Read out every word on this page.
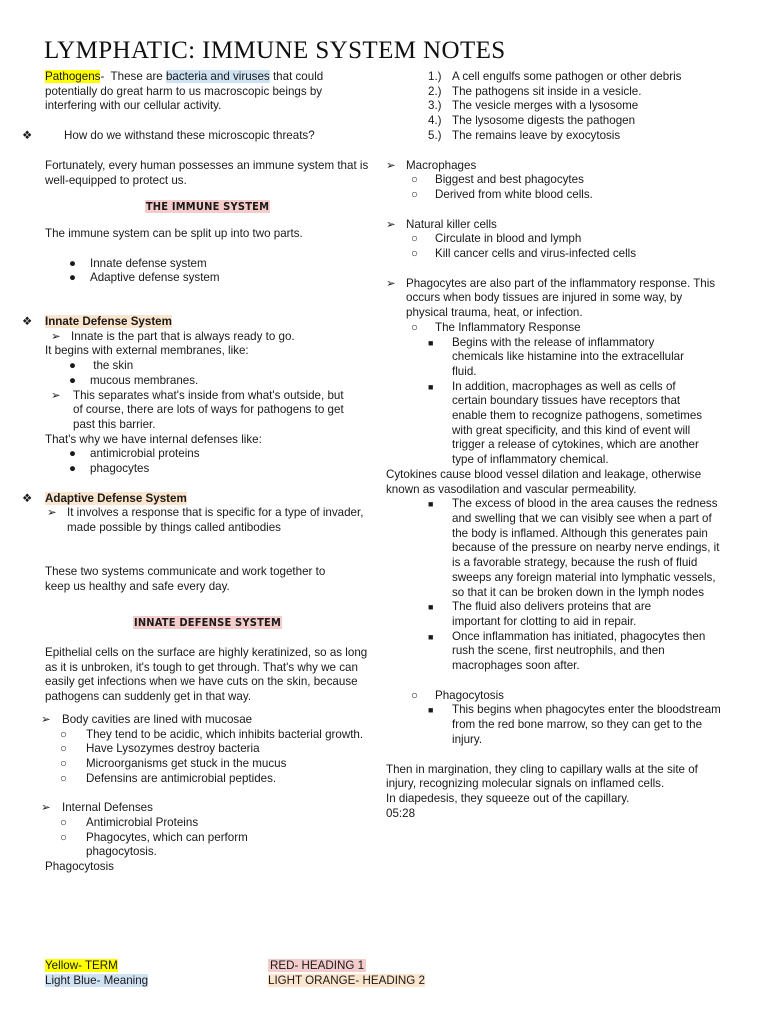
LYMPHATIC: IMMUNE SYSTEM NOTES
Pathogens-  These are bacteria and viruses that could potentially do great harm to us macroscopic beings by interfering with our cellular activity.
❖	How do we withstand these microscopic threats?
Fortunately, every human possesses an immune system that is well-equipped to protect us.
THE IMMUNE SYSTEM
The immune system can be split up into two parts.
● Innate defense system
● Adaptive defense system
❖ Innate Defense System
➢ Innate is the part that is always ready to go.
It begins with external membranes, like:
● the skin
● mucous membranes.
➢ This separates what's inside from what's outside, but of course, there are lots of ways for pathogens to get past this barrier.
That's why we have internal defenses like:
● antimicrobial proteins
● phagocytes
❖ Adaptive Defense System
➢ It involves a response that is specific for a type of invader, made possible by things called antibodies
These two systems communicate and work together to keep us healthy and safe every day.
INNATE DEFENSE SYSTEM
Epithelial cells on the surface are highly keratinized, so as long as it is unbroken, it's tough to get through. That's why we can easily get infections when we have cuts on the skin, because pathogens can suddenly get in that way.
➢ Body cavities are lined with mucosae
○ They tend to be acidic, which inhibits bacterial growth.
○ Have Lysozymes destroy bacteria
○ Microorganisms get stuck in the mucus
○ Defensins are antimicrobial peptides.
➢ Internal Defenses
○ Antimicrobial Proteins
○ Phagocytes, which can perform phagocytosis.
Phagocytosis
1.) A cell engulfs some pathogen or other debris
2.) The pathogens sit inside in a vesicle.
3.) The vesicle merges with a lysosome
4.) The lysosome digests the pathogen
5.) The remains leave by exocytosis
➢ Macrophages
○ Biggest and best phagocytes
○ Derived from white blood cells.
➢ Natural killer cells
○ Circulate in blood and lymph
○ Kill cancer cells and virus-infected cells
➢ Phagocytes are also part of the inflammatory response. This occurs when body tissues are injured in some way, by physical trauma, heat, or infection.
○ The Inflammatory Response
■ Begins with the release of inflammatory chemicals like histamine into the extracellular fluid.
■ In addition, macrophages as well as cells of certain boundary tissues have receptors that enable them to recognize pathogens, sometimes with great specificity, and this kind of event will trigger a release of cytokines, which are another type of inflammatory chemical.
Cytokines cause blood vessel dilation and leakage, otherwise known as vasodilation and vascular permeability.
■ The excess of blood in the area causes the redness and swelling that we can visibly see when a part of the body is inflamed. Although this generates pain because of the pressure on nearby nerve endings, it is a favorable strategy, because the rush of fluid sweeps any foreign material into lymphatic vessels, so that it can be broken down in the lymph nodes
■ The fluid also delivers proteins that are important for clotting to aid in repair.
■ Once inflammation has initiated, phagocytes then rush the scene, first neutrophils, and then macrophages soon after.
○ Phagocytosis
■ This begins when phagocytes enter the bloodstream from the red bone marrow, so they can get to the injury.
Then in margination, they cling to capillary walls at the site of injury, recognizing molecular signals on inflamed cells.
In diapedesis, they squeeze out of the capillary.
05:28
Yellow- TERM
Light Blue- Meaning
RED- HEADING 1
LIGHT ORANGE- HEADING 2
